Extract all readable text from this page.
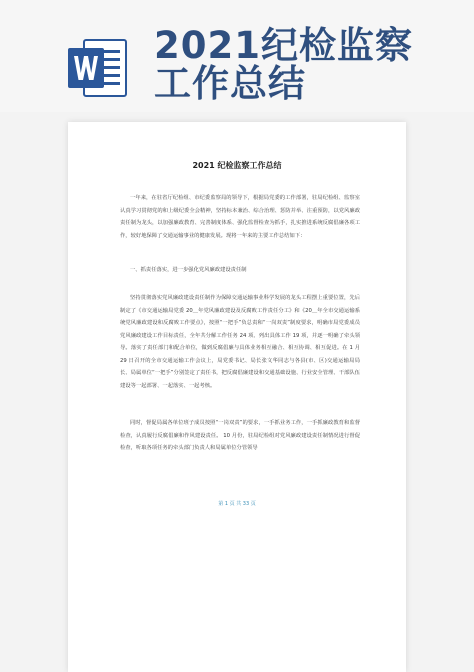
2021纪检监察
工作总结
2021 纪检监察工作总结

一年来，在驻省厅纪检组、市纪委监察局的领导下，根据局党委的工作部署，驻局纪检组、监察室认真学习贯彻党的和上级纪委全会精神，坚持标本兼治、综合治理、惩防并举、注重预防，以党风廉政责任制为龙头，以加强廉政教育、完善制度体系、强化监督检查为抓手，扎实推进系统反腐倡廉各项工作，较好地保障了交通运输事业的健康发展。现将一年来的主要工作总结如下：

一、抓责任落实，进一步强化党风廉政建设责任制

坚持贯彻落实党风廉政建设责任制作为保障交通运输事业科学发展的龙头工程摆上重要位置，先后制定了《市交通运输局党委 20＿年党风廉政建设及反腐败工作责任分工》和《20＿年全市交通运输系统党风廉政建设和反腐败工作要点》，按照“一把手”负总责和“一岗双责”制度要求，明确市局党委成员党风廉政建设工作目标责任，全年共分解工作任务 24 项、列出具体工作 19 项，并逐一明确了牵头领导。落实了责任部门和配合单位，做到反腐倡廉与具体业务相互融合、相互协调、相互促进。在 1 月 29 日召开的全市交通运输工作会议上，局党委书记、局长张文华同志与各县(市、区)交通运输局局长、局属单位“一把手”分别签定了责任书，把反腐倡廉建设和交通基础设施、行业安全管理、干部队伍建设等一起部署、一起落实、一起考核。

同时，督促局属各单位班子成员按照“一岗双责”的要求，一手抓业务工作，一手抓廉政教育和监督检查，认真履行反腐倡廉和作风建设责任。 10 月份，驻局纪检组对党风廉政建设责任制情况进行督促检查，听取各项任务的牵头部门负责人和局属单位分管领导

第 1 页 共 33 页
